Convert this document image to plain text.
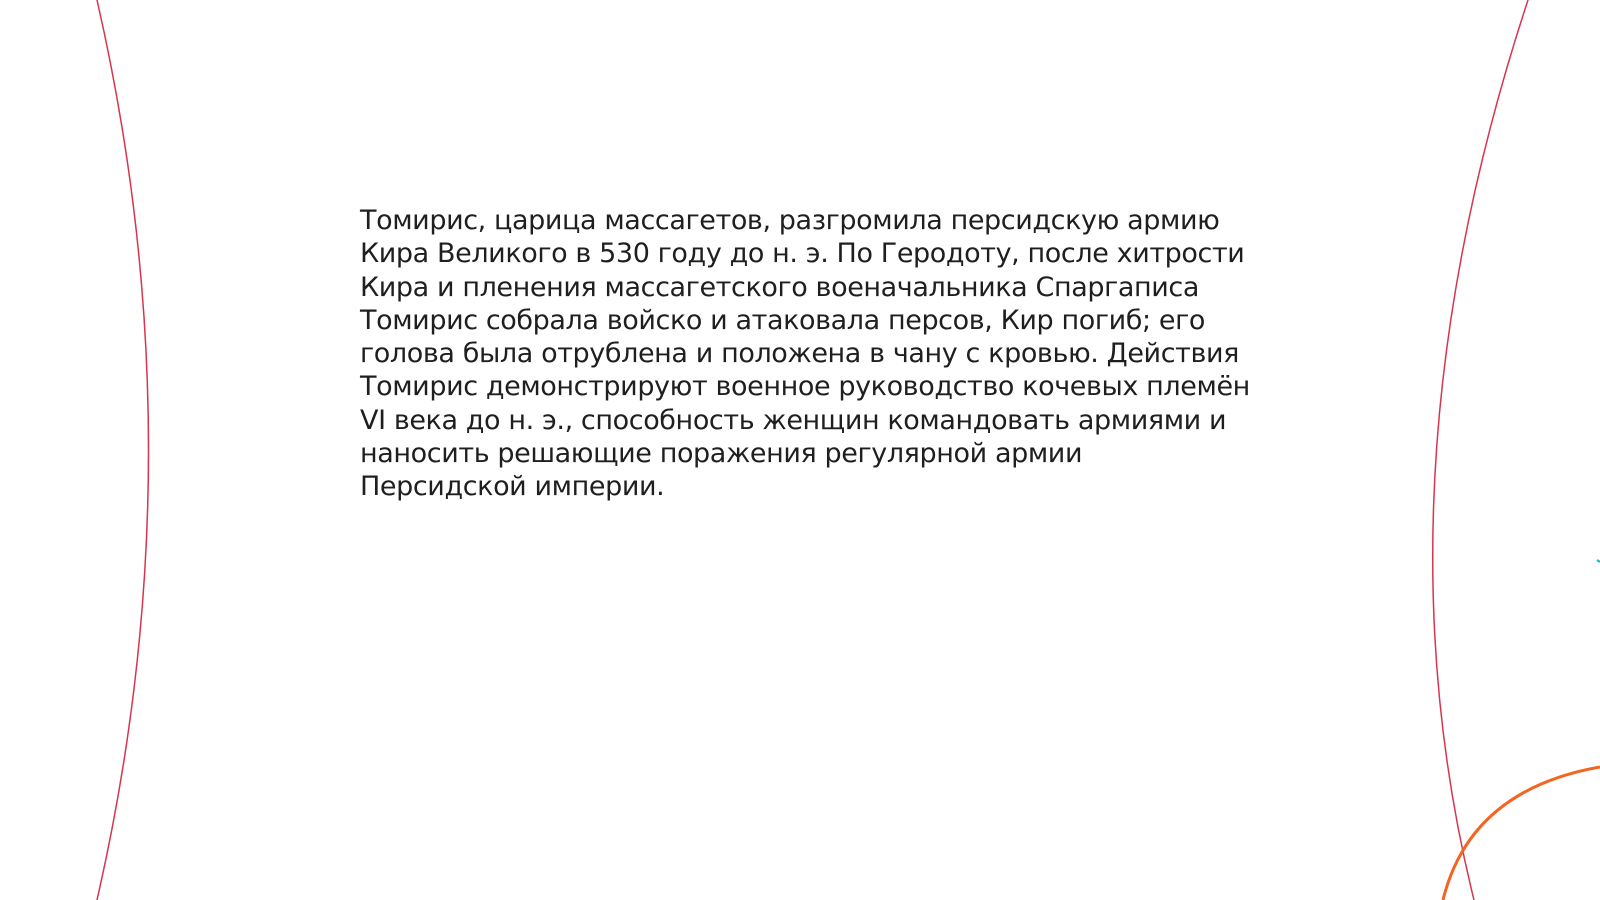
Томирис, царица массагетов, разгромила персидскую армию
Кира Великого в 530 году до н. э. По Геродоту, после хитрости
Кира и пленения массагетского военачальника Спаргаписа
Томирис собрала войско и атаковала персов, Кир погиб; его
голова была отрублена и положена в чану с кровью. Действия
Томирис демонстрируют военное руководство кочевых племён
VI века до н. э., способность женщин командовать армиями и
наносить решающие поражения регулярной армии
Персидской империи.
